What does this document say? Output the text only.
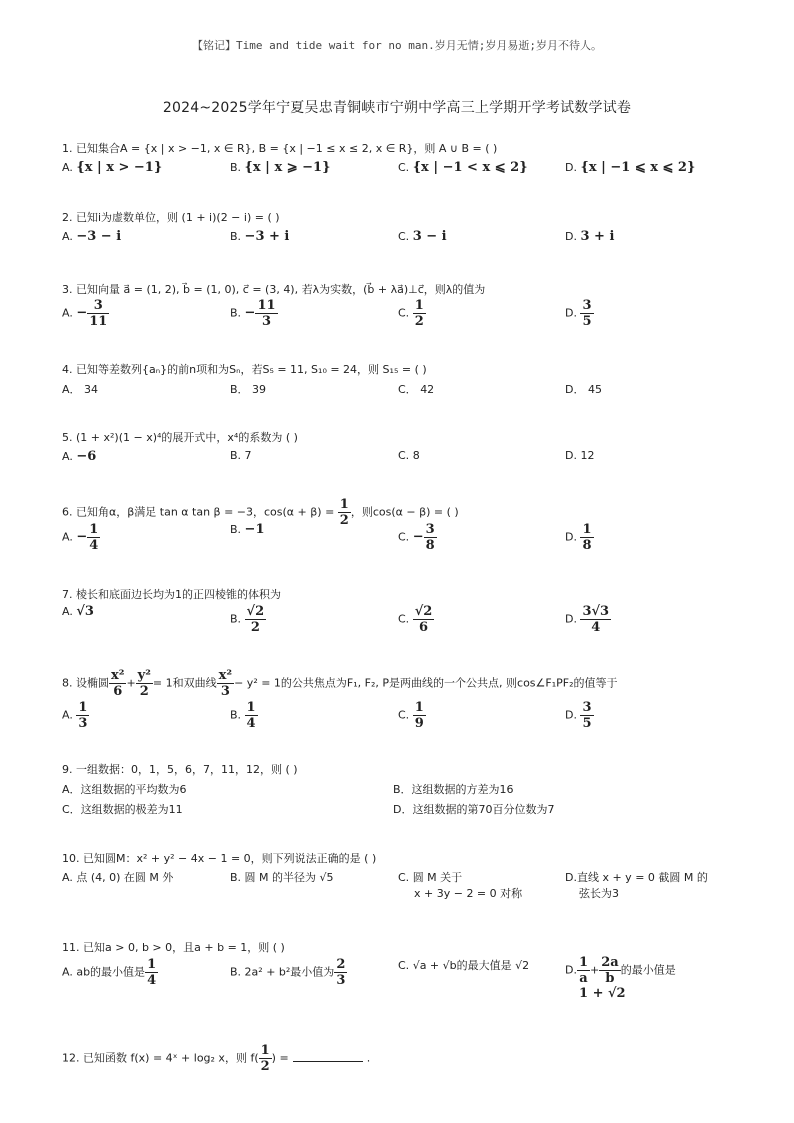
【铭记】Time and tide wait for no man.岁月无情;岁月易逝;岁月不待人。
2024~2025学年宁夏吴忠青铜峡市宁朔中学高三上学期开学考试数学试卷
1. 已知集合A = {x | x > −1, x ∈ R}, B = {x | −1 ≤ x ≤ 2, x ∈ R}，则 A ∪ B = ( )
A. {x | x > −1}	B. {x | x ⩾ −1}	C. {x | −1 < x ⩽ 2}	D. {x | −1 ⩽ x ⩽ 2}
2. 已知i为虚数单位，则 (1 + i)(2 − i) = ( )
A. −3 − i	B. −3 + i	C. 3 − i	D. 3 + i
3. 已知向量 a⃗ = (1, 2), b⃗ = (1, 0), c⃗ = (3, 4), 若λ为实数，(b⃗ + λa⃗)⊥c⃗，则λ的值为
A. − $\frac{3}{11}$	B. − $\frac{11}{3}$	C. $\frac{1}{2}$	D. $\frac{3}{5}$
4. 已知等差数列{aₙ}的前n项和为Sₙ，若S₅ = 11, S₁₀ = 24，则 S₁₅ = ( )
A． 34	B． 39	C． 42	D． 45
5. (1 + x²)(1 − x)⁴的展开式中，x⁴的系数为 ( )
A. −6	B. 7	C. 8	D. 12
6. 已知角α，β满足 tan α tan β = −3，$\cos(\alpha + \beta) = \frac{1}{2}$ ，则cos(α − β) = ( )
A. − $\frac{1}{4}$	B. −1	C. − $\frac{3}{8}$	D. $\frac{1}{8}$
7. 棱长和底面边长均为1的正四棱锥的体积为
A. √3	B. $\frac{√2}{2}$	C. $\frac{√2}{6}$	D. $\frac{3√3}{4}$
8. 设椭圆 $\frac{\text{x²}}{6} + \frac{\text{y²}}{2} = 1$和双曲线 $\frac{\text{x²}}{3} - y^2 = 1$的公共焦点为F₁, F₂, P是两曲线的一个公共点, 则cos∠F₁PF₂的值等于
A. $\frac{1}{3}$	B. $\frac{1}{4}$	C. $\frac{1}{9}$	D. $\frac{3}{5}$
9. 一组数据：0，1，5，6，7，11，12，则 ( )
A．这组数据的平均数为6	B．这组数据的方差为16
C．这组数据的极差为11	D．这组数据的第70百分位数为7
10. 已知圆M：x² + y² − 4x − 1 = 0，则下列说法正确的是 ( )
A. 点 (4, 0) 在圆 M 外	B. 圆 M 的半径为 √5	C. 圆 M 关于
x + 3y − 2 = 0 对称
D.直线 x + y = 0 截圆 M 的
弦长为3
11. 已知a > 0, b > 0，且a + b = 1，则 ( )
A. ab的最小值是 $\frac{1}{4}$	B. 2a² + b²最小值为 $\frac{2}{3}$	C. √a + √b的最大值是 √2	D. $\frac{1}{a} + \frac{2a}{b}$ 的最小值是
1 + √2
12. 已知函数 f(x) = 4ˣ + log₂ x，则 $f( \frac{1}{2}$ ) =	.
